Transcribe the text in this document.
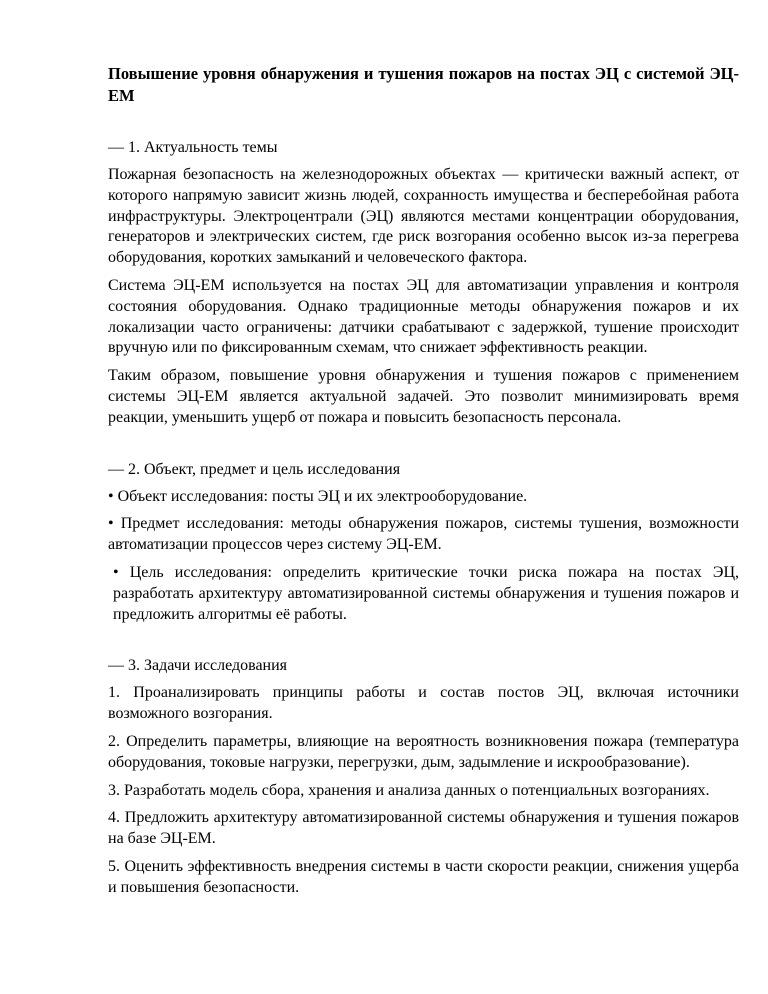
Повышение уровня обнаружения и тушения пожаров на постах ЭЦ с системой ЭЦ-ЕМ

— 1. Актуальность темы

Пожарная безопасность на железнодорожных объектах — критически важный аспект, от которого напрямую зависит жизнь людей, сохранность имущества и бесперебойная работа инфраструктуры. Электроцентрали (ЭЦ) являются местами концентрации оборудования, генераторов и электрических систем, где риск возгорания особенно высок из-за перегрева оборудования, коротких замыканий и человеческого фактора.

Система ЭЦ-ЕМ используется на постах ЭЦ для автоматизации управления и контроля состояния оборудования. Однако традиционные методы обнаружения пожаров и их локализации часто ограничены: датчики срабатывают с задержкой, тушение происходит вручную или по фиксированным схемам, что снижает эффективность реакции.

Таким образом, повышение уровня обнаружения и тушения пожаров с применением системы ЭЦ-ЕМ является актуальной задачей. Это позволит минимизировать время реакции, уменьшить ущерб от пожара и повысить безопасность персонала.

— 2. Объект, предмет и цель исследования

• Объект исследования: посты ЭЦ и их электрооборудование.

• Предмет исследования: методы обнаружения пожаров, системы тушения, возможности автоматизации процессов через систему ЭЦ-ЕМ.

• Цель исследования: определить критические точки риска пожара на постах ЭЦ, разработать архитектуру автоматизированной системы обнаружения и тушения пожаров и предложить алгоритмы её работы.

— 3. Задачи исследования

1. Проанализировать принципы работы и состав постов ЭЦ, включая источники возможного возгорания.

2. Определить параметры, влияющие на вероятность возникновения пожара (температура оборудования, токовые нагрузки, перегрузки, дым, задымление и искрообразование).

3. Разработать модель сбора, хранения и анализа данных о потенциальных возгораниях.

4. Предложить архитектуру автоматизированной системы обнаружения и тушения пожаров на базе ЭЦ-ЕМ.

5. Оценить эффективность внедрения системы в части скорости реакции, снижения ущерба и повышения безопасности.
